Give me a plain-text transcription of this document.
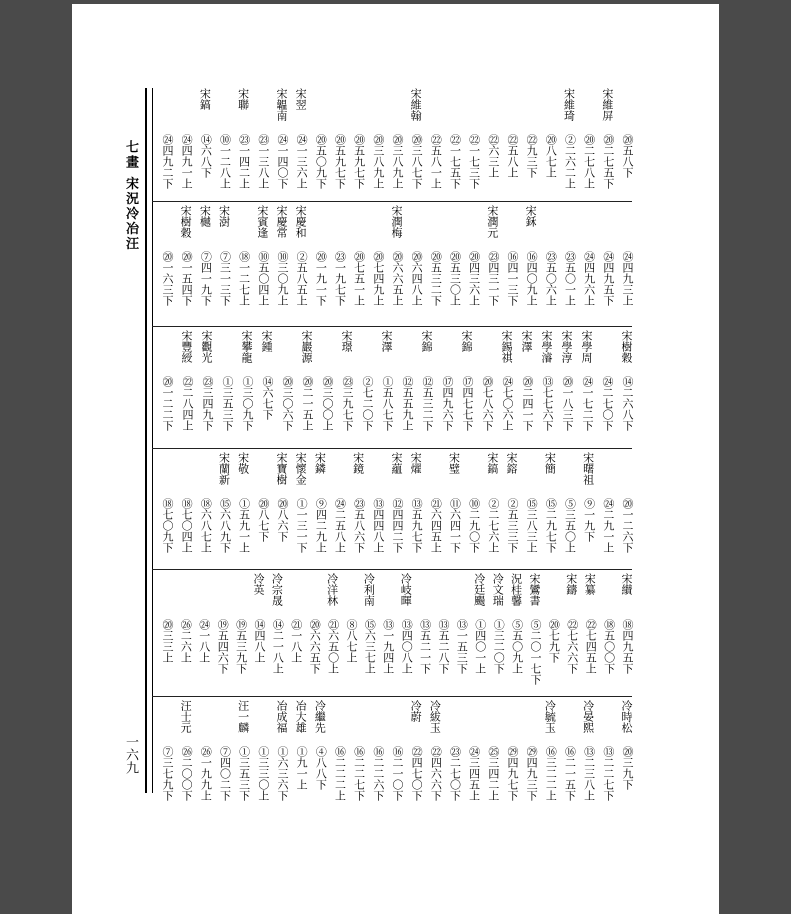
七畫 宋況冷冶汪
一六九
⑳五八下
宋維屏
⑳二七五下
⑳二七八上
宋維琦
②二六二上
⑳八七上
㉒九三下
㉒五八上
㉒六三上
㉒一七三下
㉒一七五下
㉒五八一上
宋維翰
⑳三八七下
⑳三八九上
⑳三八九上
⑳五九七下
⑳五九七下
⑳五〇九下
宋翌
㉔一三六上
宋韞南
㉔一四〇下
㉓一三八上
宋聯
㉓一四二上
⑩一二八上
宋鎬
⑭六八下
㉔四九一上
㉔四九二下
㉔四九三上
㉔四九五下
㉔四九六上
㉓五〇一上
㉓五〇六上
宋鉌
⑯四〇九上
⑯四一三下
宋潤元
㉓四三一下
⑳四三六上
⑳五三〇上
⑳五三二下
⑳六四八上
宋潤梅
⑳六六五上
⑳七四九上
⑳七五一上
㉓一九七下
⑳一九一下
宋慶和
②五八五上
宋慶常
⑩三〇九上
宋賓逢
⑩五〇四上
⑱一二七上
宋澍
⑦三一三下
宋樾
⑦四一九下
宋樹穀
⑳一五四下
⑳一六三下
宋樹穀
⑭二六八下
㉔二七〇下
宋學周
㉔一七二下
宋學淳
⑳一八三下
宋學濬
⑬七七六下
宋澤
⑳二四一下
宋錫祺
㉔七〇六上
⑳七八六下
宋錦
⑰四七七下
⑰四九六下
宋錦
⑫五三二下
⑫五五九上
宋澤
①五八七下
②七二〇下
宋璟
㉓三九七下
⑳三〇〇上
宋巖源
⑳二一五上
⑳三〇六下
宋鍾
⑭六七下
宋攀龍
①三〇九下
①三五三下
宋觀光
㉓三四九下
宋豐綬
㉒二八四上
⑳一二二下
⑳一二六下
㉔二九一上
宋曙祖
⑨一九下
⑤三五〇上
宋簡
⑮二九七下
⑮三八三上
宋鎔
②五三三下
宋鎬
②二七六上
⑩二九〇下
宋璧
⑪六四一下
㉑六四五上
宋燿
⑬五九七下
宋藴
⑫四四二下
⑬四四八上
宋鏡
㉓五八六下
㉔二五八上
宋鏻
⑨四二九上
宋懷金
①一三一下
宋寶樹
⑳八六下
⑳八七下
宋敬
①五九一上
宋蘭新
⑮六八九下
⑱六八七上
⑱七〇四上
⑱七〇九下
宋纉
⑱四九五下
⑱五〇〇下
宋纂
㉒七四五上
宋鑄
㉒七六六下
⑳七九下
宋鸞書
⑤二〇一七下
況桂馨
⑤五〇九上
冷文瑞
①三二〇下
冷廷颺
①四〇一上
⑬一五三下
⑬五二八下
⑬五二一下
冷岐暉
⑬四〇八上
⑬一九四上
冷利南
⑮六三七上
⑧八七上
冷洋林
㉑六五〇上
⑳六六五下
㉑一八上
冷宗晟
⑭二一八上
冷英
⑭四八上
⑲五三九下
⑲五四六下
㉔一八上
㉖二六上
⑳三三上
冷時松
⑳三九下
⑬二二七下
冷晏熙
⑬二三八上
⑯二一五下
冷毓玉
⑯三二二上
㉙四九三下
㉙四九七下
㉕三四二上
㉔三四五上
㉓二七〇下
冷紱玉
㉒四六六下
冷蔚
㉒四七〇下
⑯二一〇下
⑯二二六下
⑯二二七下
⑯二二二上
冷繼先
④八八下
冶大雄
①九一上
冶成福
①六三六下
①三三〇上
汪一麟
①三五三下
⑦四〇二下
㉖一九九上
汪士元
㉖二〇〇下
⑦三七九下
